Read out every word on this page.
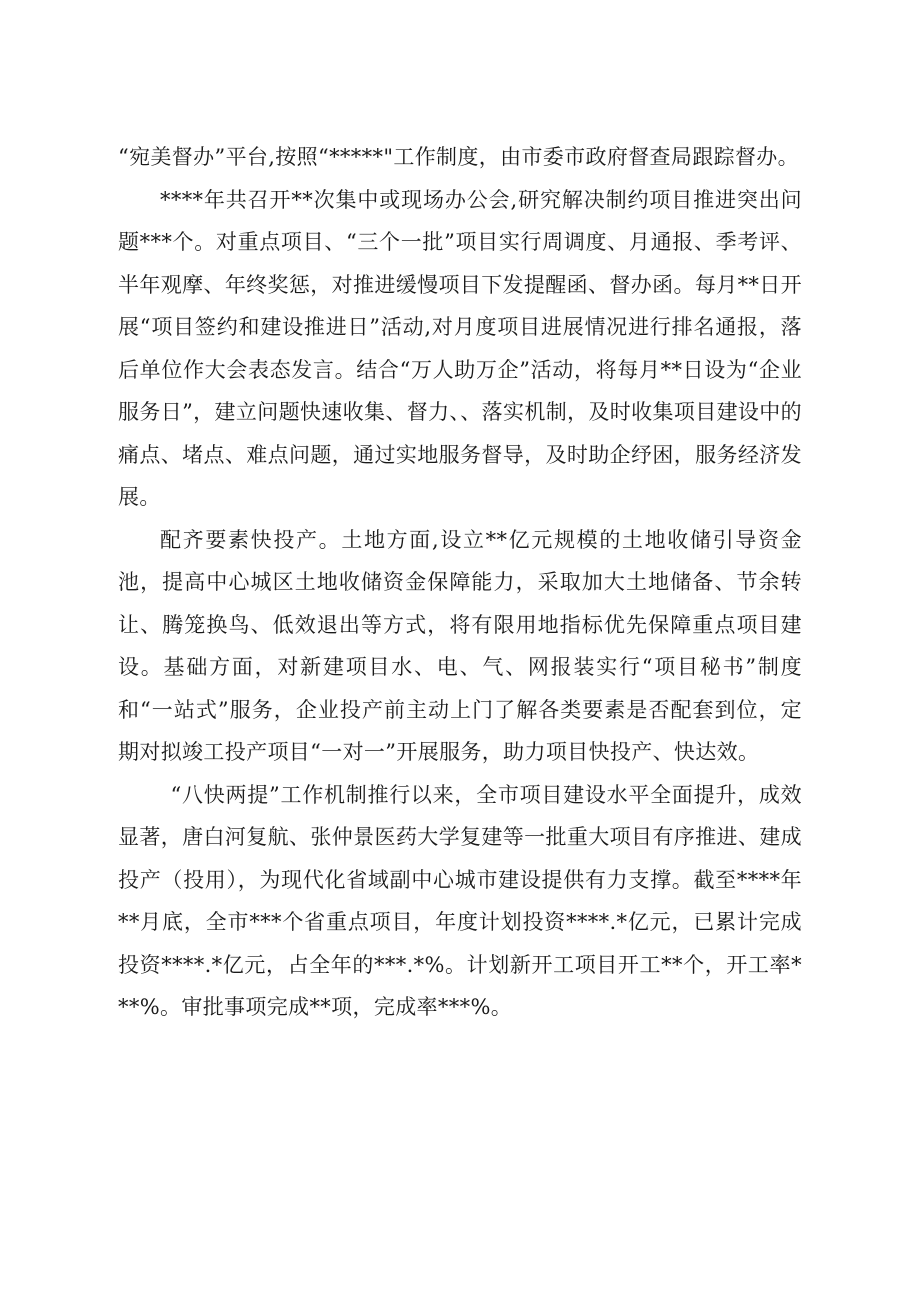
“宛美督办”平台,按照“*****"工作制度，由市委市政府督查局跟踪督办。

****年共召开**次集中或现场办公会,研究解决制约项目推进突出问题***个。对重点项目、“三个一批”项目实行周调度、月通报、季考评、半年观摩、年终奖惩，对推进缓慢项目下发提醒函、督办函。每月**日开展“项目签约和建设推进日”活动,对月度项目进展情况进行排名通报，落后单位作大会表态发言。结合“万人助万企”活动，将每月**日设为“企业服务日”，建立问题快速收集、督力、、落实机制，及时收集项目建设中的痛点、堵点、难点问题，通过实地服务督导，及时助企纾困，服务经济发展。

配齐要素快投产。土地方面,设立**亿元规模的土地收储引导资金池，提高中心城区土地收储资金保障能力，采取加大土地储备、节余转让、腾笼换鸟、低效退出等方式，将有限用地指标优先保障重点项目建设。基础方面，对新建项目水、电、气、网报装实行“项目秘书”制度和“一站式”服务，企业投产前主动上门了解各类要素是否配套到位，定期对拟竣工投产项目“一对一”开展服务，助力项目快投产、快达效。

“八快两提”工作机制推行以来，全市项目建设水平全面提升，成效显著，唐白河复航、张仲景医药大学复建等一批重大项目有序推进、建成投产（投用），为现代化省域副中心城市建设提供有力支撑。截至****年**月底，全市***个省重点项目，年度计划投资****.*亿元，已累计完成投资****.*亿元，占全年的***.*%。计划新开工项目开工**个，开工率***%。审批事项完成**项，完成率***%。
